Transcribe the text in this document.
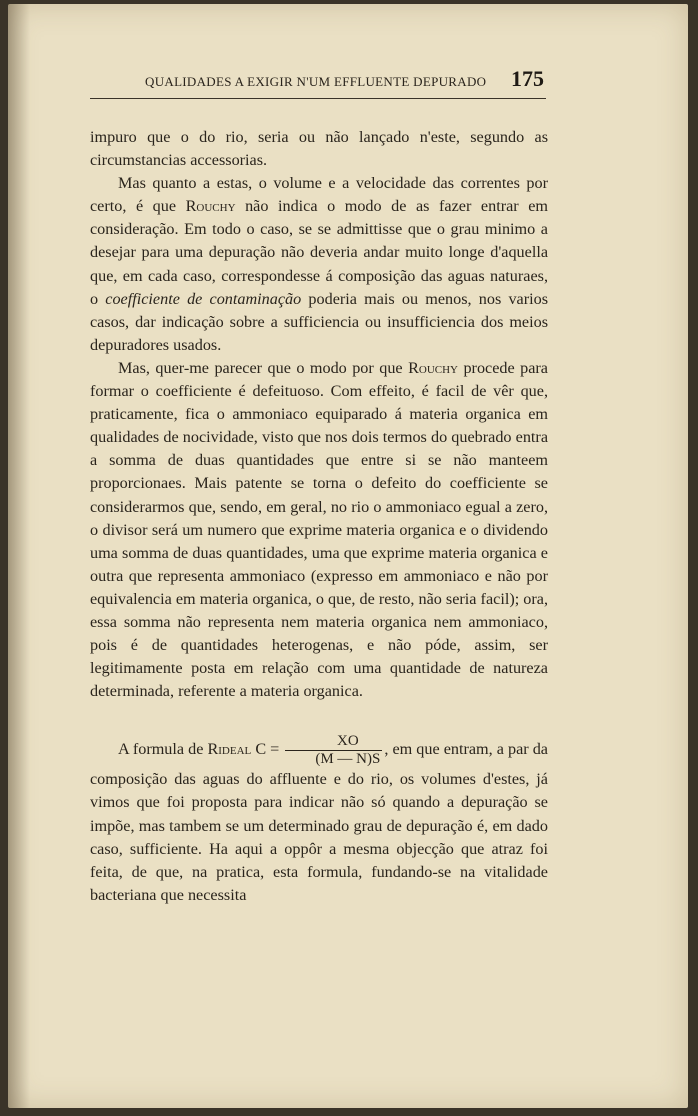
QUALIDADES A EXIGIR N'UM EFFLUENTE DEPURADO 175

impuro que o do rio, seria ou não lançado n'este, segundo as circumstancias accessorias.

Mas quanto a estas, o volume e a velocidade das correntes por certo, é que Rouchy não indica o modo de as fazer entrar em consideração. Em todo o caso, se se admittisse que o grau minimo a desejar para uma depuração não deveria andar muito longe d'aquella que, em cada caso, correspondesse á composição das aguas naturaes, o coefficiente de contaminação poderia mais ou menos, nos varios casos, dar indicação sobre a sufficiencia ou insufficiencia dos meios depuradores usados.

Mas, quer-me parecer que o modo por que Rouchy procede para formar o coefficiente é defeituoso. Com effeito, é facil de vêr que, praticamente, fica o ammoniaco equiparado á materia organica em qualidades de nocividade, visto que nos dois termos do quebrado entra a somma de duas quantidades que entre si se não manteem proporcionaes. Mais patente se torna o defeito do coefficiente se considerarmos que, sendo, em geral, no rio o ammoniaco egual a zero, o divisor será um numero que exprime materia organica e o dividendo uma somma de duas quantidades, uma que exprime materia organica e outra que representa ammoniaco (expresso em ammoniaco e não por equivalencia em materia organica, o que, de resto, não seria facil); ora, essa somma não representa nem materia organica nem ammoniaco, pois é de quantidades heterogenas, e não póde, assim, ser legitimamente posta em relação com uma quantidade de natureza determinada, referente a materia organica.

A formula de Rideal $C = \frac{XO}{(M — N)S}$ , em que entram, a par da composição das aguas do affluente e do rio, os volumes d'estes, já vimos que foi proposta para indicar não só quando a depuração se impõe, mas tambem se um determinado grau de depuração é, em dado caso, sufficiente. Ha aqui a oppôr a mesma objecção que atraz foi feita, de que, na pratica, esta formula, fundando-se na vitalidade bacteriana que necessita
